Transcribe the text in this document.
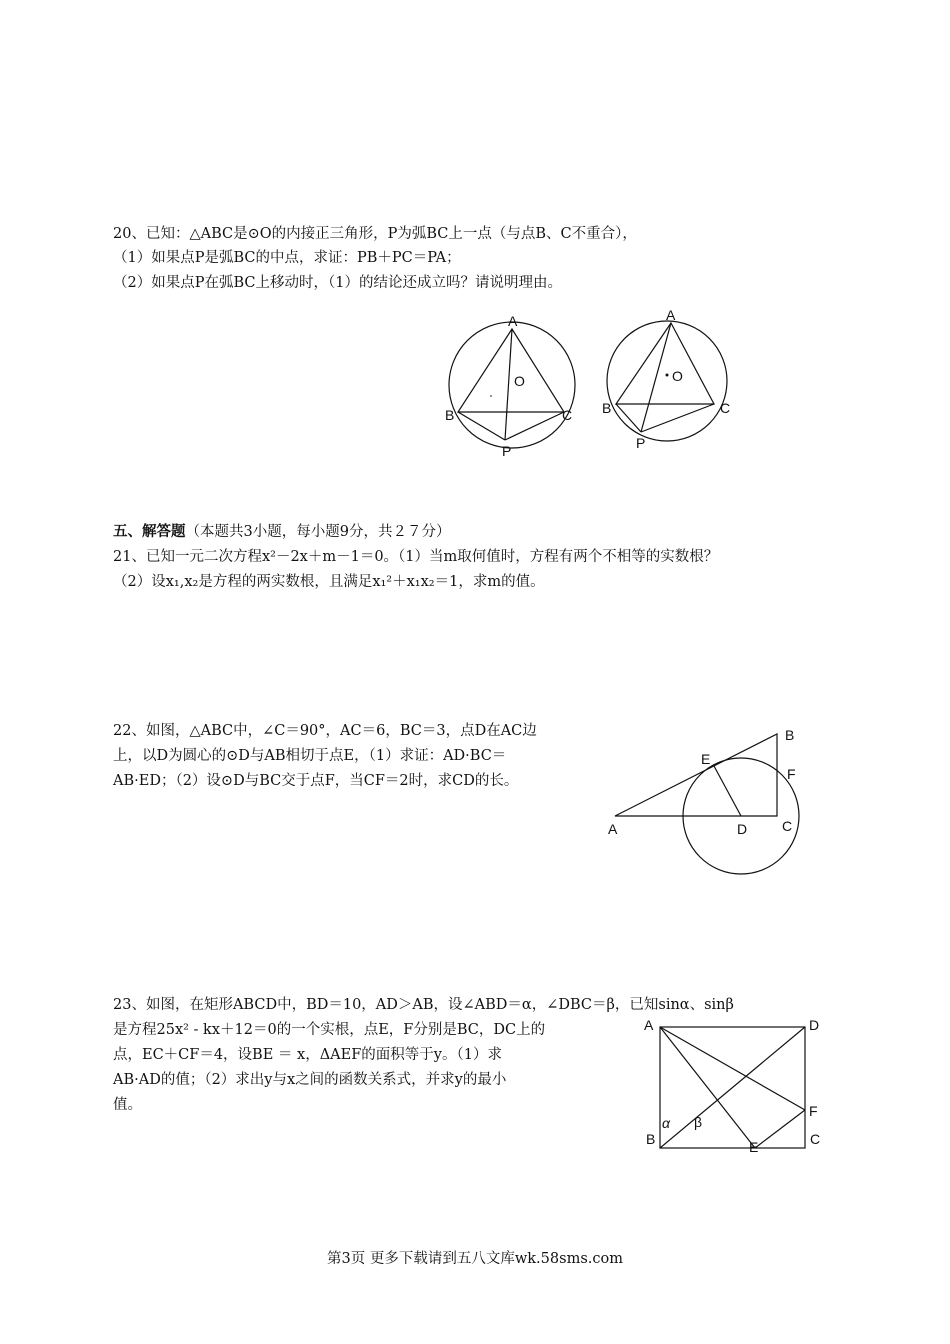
20、已知：△ABC是⊙O的内接正三角形，P为弧BC上一点（与点B、C不重合），
（1）如果点P是弧BC的中点，求证：PB＋PC＝PA；
（2）如果点P在弧BC上移动时，（1）的结论还成立吗？请说明理由。
A
B	C
O
P
A
B	C
O
P
五、解答题（本题共3小题，每小题9分，共２７分）
21、已知一元二次方程x²－2x＋m－1＝0。（1）当m取何值时，方程有两个不相等的实数根？
（2）设x₁,x₂是方程的两实数根，且满足x₁²＋x₁x₂＝1，求m的值。
22、如图，△ABC中，∠C＝90°，AC＝6，BC＝3，点D在AC边
上，以D为圆心的⊙D与AB相切于点E，（1）求证：AD·BC＝
AB·ED；（2）设⊙D与BC交于点F，当CF＝2时，求CD的长。
A
B
C
D
E
F
23、如图，在矩形ABCD中，BD＝10，AD＞AB，设∠ABD＝α，∠DBC＝β，已知sinα、sinβ
是方程25x² - kx＋12＝0的一个实根，点E，F分别是BC，DC上的
点，EC＋CF＝4，设BE ＝ x，ΔAEF的面积等于y。（1）求
AB·AD的值；（2）求出y与x之间的函数关系式，并求y的最小
值。
A
B	C
D
E
F
α β
第3页 更多下载请到五八文库wk.58sms.com
